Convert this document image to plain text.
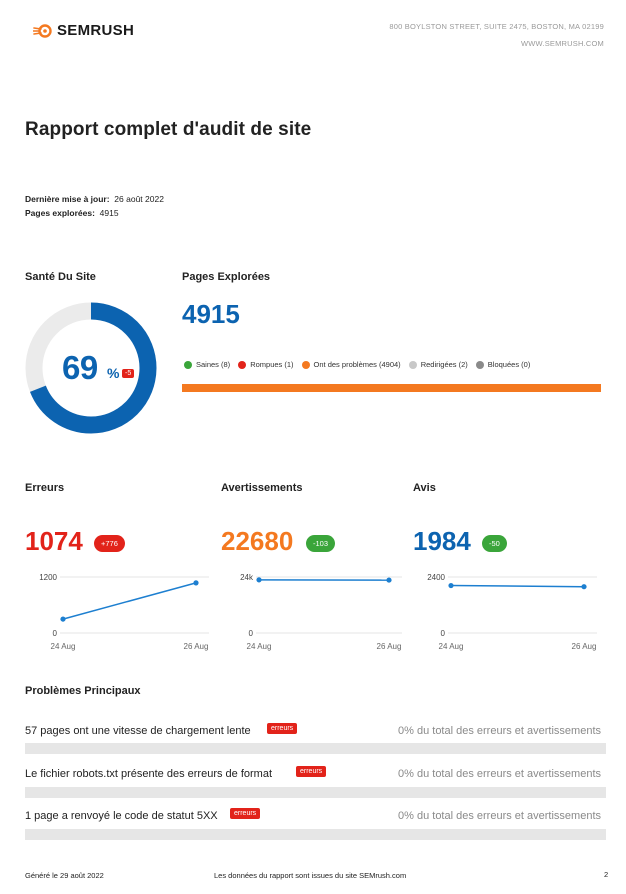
SEMRUSH	800 BOYLSTON STREET, SUITE 2475, BOSTON, MA 02199
WWW.SEMRUSH.COM
Rapport complet d'audit de site
Dernière mise à jour: 26 août 2022
Pages explorées: 4915
Santé Du Site
69 % -5
Pages Explorées
4915
Saines (8)	Rompues (1)	Ont des problèmes (4904)	Redirigées (2)	Bloquées (0)
Erreurs
1074	+776
Avertissements
22680	-103
Avis
1984	-50
0
1200
24 Aug	26 Aug
0
24k
24 Aug	26 Aug
0
2400
24 Aug	26 Aug
Problèmes Principaux
57 pages ont une vitesse de chargement lente	erreurs	0% du total des erreurs et avertissements
Le fichier robots.txt présente des erreurs de format	erreurs	0% du total des erreurs et avertissements
1 page a renvoyé le code de statut 5XX	erreurs	0% du total des erreurs et avertissements
Généré le 29 août 2022	Les données du rapport sont issues du site SEMrush.com	2
